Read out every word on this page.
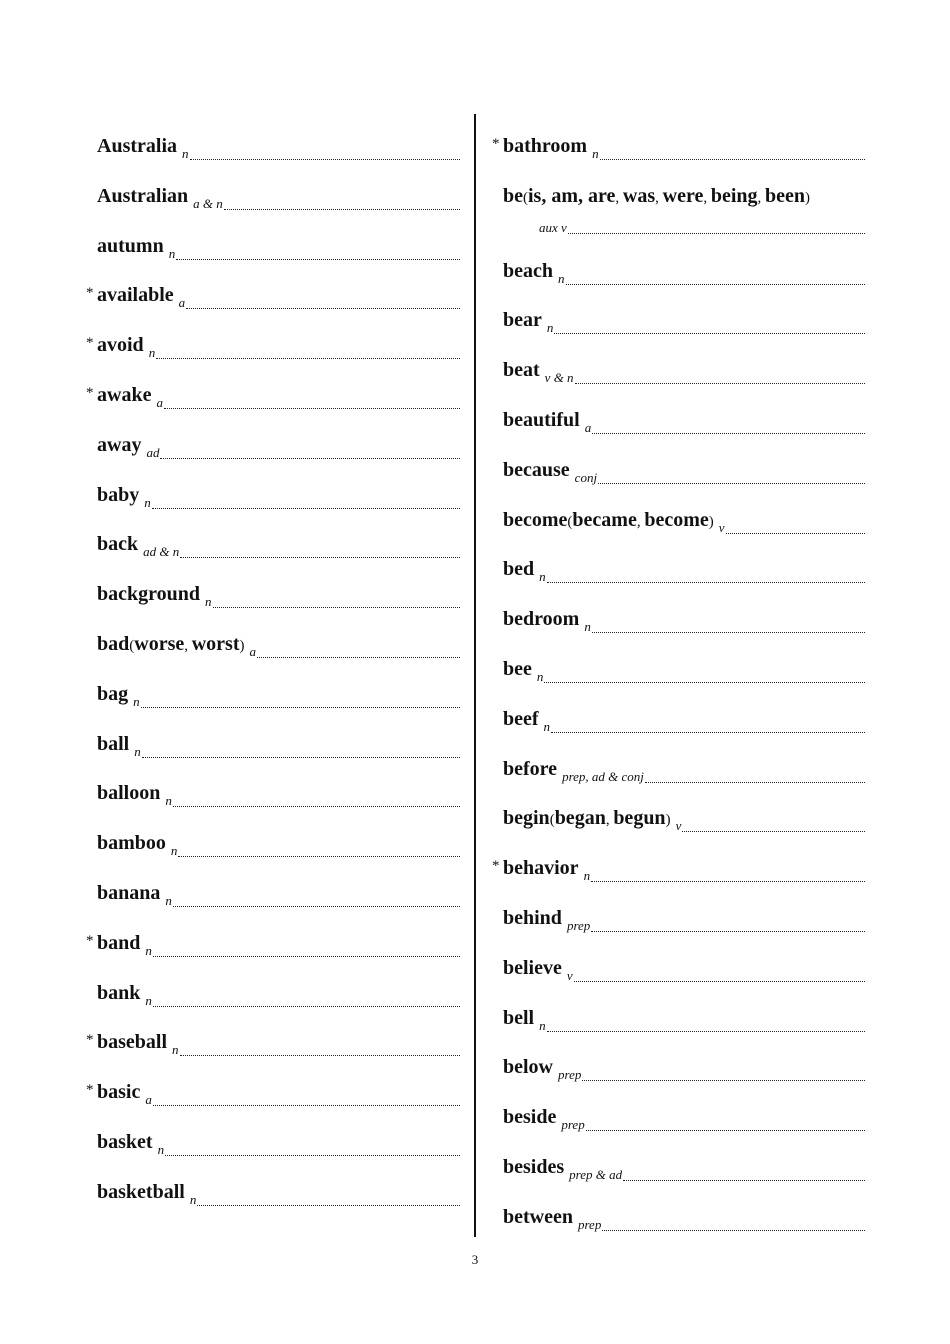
Australia n
Australian a & n
autumn n
* available a
* avoid n
* awake a
away ad
baby n
back ad & n
background n
bad (worse, worst) a
bag n
ball n
balloon n
bamboo n
banana n
* band n
bank n
* baseball n
* basic a
basket n
basketball n
* bathroom n
be (is, am, are, was, were, being, been)
aux v
beach n
bear n
beat v & n
beautiful a
because conj
become (became, become) v
bed n
bedroom n
bee n
beef n
before prep, ad & conj
begin (began, begun) v
* behavior n
behind prep
believe v
bell n
below prep
beside prep
besides prep & ad
between prep
3
